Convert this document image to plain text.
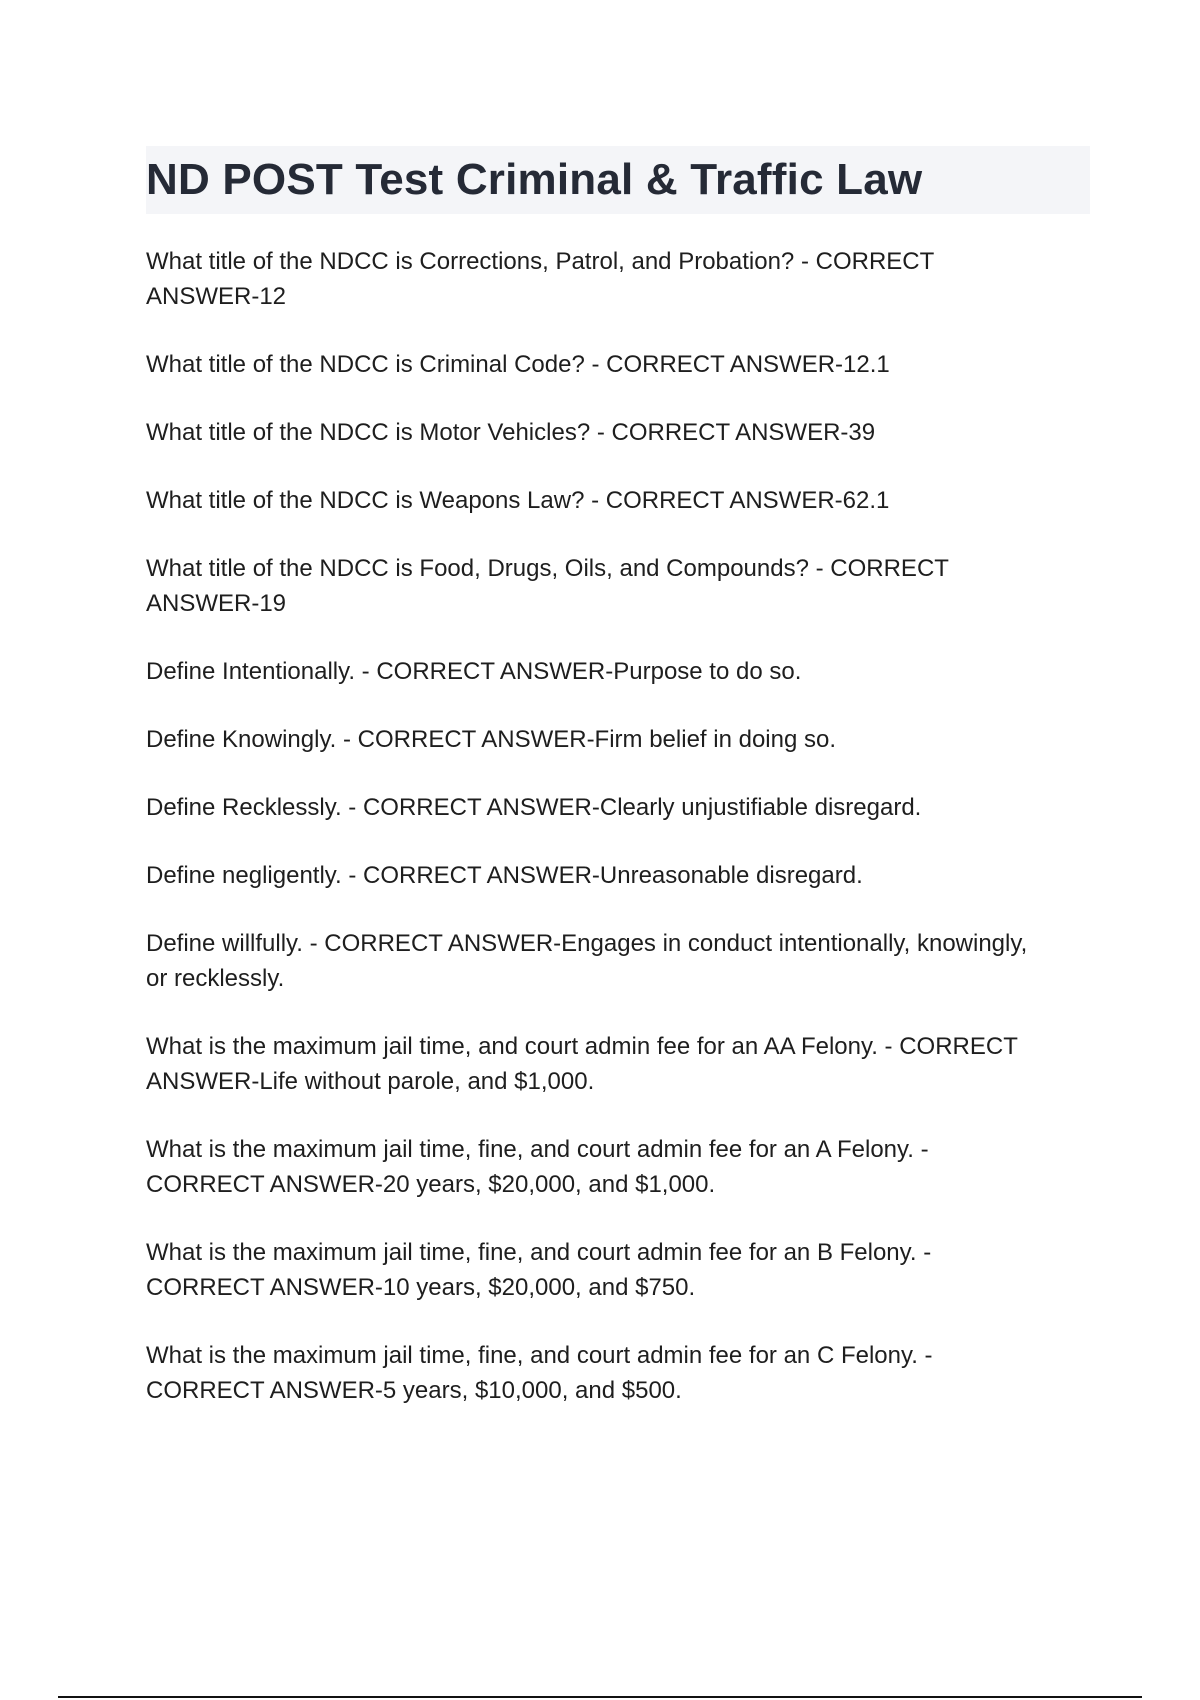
ND POST Test Criminal & Traffic Law
What title of the NDCC is Corrections, Patrol, and Probation? - CORRECT ANSWER-12
What title of the NDCC is Criminal Code? - CORRECT ANSWER-12.1
What title of the NDCC is Motor Vehicles? - CORRECT ANSWER-39
What title of the NDCC is Weapons Law? - CORRECT ANSWER-62.1
What title of the NDCC is Food, Drugs, Oils, and Compounds? - CORRECT ANSWER-19
Define Intentionally. - CORRECT ANSWER-Purpose to do so.
Define Knowingly. - CORRECT ANSWER-Firm belief in doing so.
Define Recklessly. - CORRECT ANSWER-Clearly unjustifiable disregard.
Define negligently. - CORRECT ANSWER-Unreasonable disregard.
Define willfully. - CORRECT ANSWER-Engages in conduct intentionally, knowingly, or recklessly.
What is the maximum jail time, and court admin fee for an AA Felony. - CORRECT ANSWER-Life without parole, and $1,000.
What is the maximum jail time, fine, and court admin fee for an A Felony. - CORRECT ANSWER-20 years, $20,000, and $1,000.
What is the maximum jail time, fine, and court admin fee for an B Felony. - CORRECT ANSWER-10 years, $20,000, and $750.
What is the maximum jail time, fine, and court admin fee for an C Felony. - CORRECT ANSWER-5 years, $10,000, and $500.
